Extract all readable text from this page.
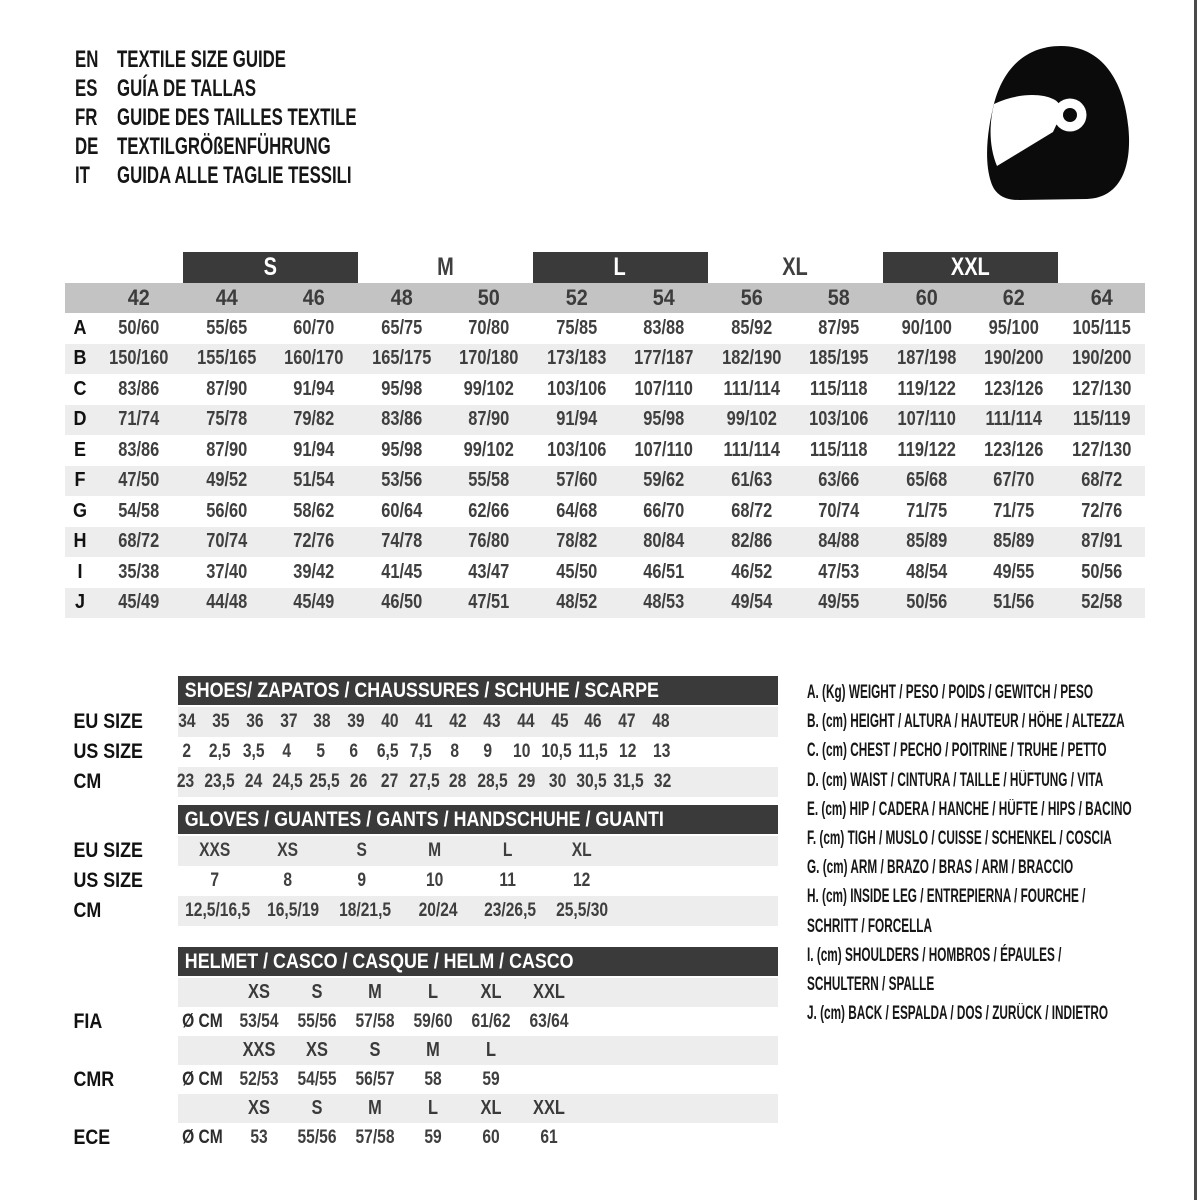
EN TEXTILE SIZE GUIDE
ES GUÍA DE TALLAS
FR GUIDE DES TAILLES TEXTILE
DE TEXTILGRÖßENFÜHRUNG
IT	GUIDA ALLE TAGLIE TESSILI
S	M	L	XL	XXL
42	44	46	48	50	52	54	56	58	60	62	64
A	50/60	55/65	60/70	65/75	70/80	75/85	83/88	85/92	87/95	90/100	95/100	105/115
B	150/160	155/165	160/170	165/175	170/180	173/183	177/187	182/190	185/195	187/198	190/200	190/200
C	83/86	87/90	91/94	95/98	99/102	103/106	107/110	111/114	115/118	119/122	123/126	127/130
D	71/74	75/78	79/82	83/86	87/90	91/94	95/98	99/102	103/106	107/110	111/114	115/119
E	83/86	87/90	91/94	95/98	99/102	103/106	107/110	111/114	115/118	119/122	123/126	127/130
F	47/50	49/52	51/54	53/56	55/58	57/60	59/62	61/63	63/66	65/68	67/70	68/72
G	54/58	56/60	58/62	60/64	62/66	64/68	66/70	68/72	70/74	71/75	71/75	72/76
H	68/72	70/74	72/76	74/78	76/80	78/82	80/84	82/86	84/88	85/89	85/89	87/91
I	35/38	37/40	39/42	41/45	43/47	45/50	46/51	46/52	47/53	48/54	49/55	50/56
J	45/49	44/48	45/49	46/50	47/51	48/52	48/53	49/54	49/55	50/56	51/56	52/58
SHOES/ ZAPATOS / CHAUSSURES / SCHUHE / SCARPE
EU SIZE	34 35 36 37 38 39 40 41 42 43 44 45 46 47 48
US SIZE	2 2,5 3,5 4	5	6 6,5 7,5 8	9	10 10,5 11,5 12 13
CM	23 23,5 24 24,5 25,5 26 27 27,5 28 28,5 29 30 30,5 31,5 32
GLOVES / GUANTES / GANTS / HANDSCHUHE / GUANTI
EU SIZE	XXS	XS	S	M	L	XL
US SIZE	7	8	9	10	11	12
CM	12,5/16,5 16,5/19 18/21,5	20/24	23/26,5 25,5/30
HELMET / CASCO / CASQUE / HELM / CASCO
XS	S	M	L	XL	XXL
FIA	Ø CM 53/54 55/56 57/58 59/60 61/62 63/64
XXS	XS	S	M	L
CMR	Ø CM 52/53 54/55 56/57	58	59
XS	S	M	L	XL	XXL
ECE	Ø CM	53	55/56 57/58	59	60	61
A. (Kg) WEIGHT / PESO / POIDS / GEWITCH / PESO
B. (cm) HEIGHT / ALTURA / HAUTEUR / HÖHE / ALTEZZA
C. (cm) CHEST / PECHO / POITRINE / TRUHE / PETTO
D. (cm) WAIST / CINTURA / TAILLE / HÜFTUNG / VITA
E. (cm) HIP / CADERA / HANCHE / HÜFTE / HIPS / BACINO
F. (cm) TIGH / MUSLO / CUISSE / SCHENKEL / COSCIA
G. (cm) ARM / BRAZO / BRAS / ARM / BRACCIO
H. (cm) INSIDE LEG / ENTREPIERNA / FOURCHE /
SCHRITT / FORCELLA
I. (cm) SHOULDERS / HOMBROS / ÉPAULES /
SCHULTERN / SPALLE
J. (cm) BACK / ESPALDA / DOS / ZURÜCK / INDIETRO
